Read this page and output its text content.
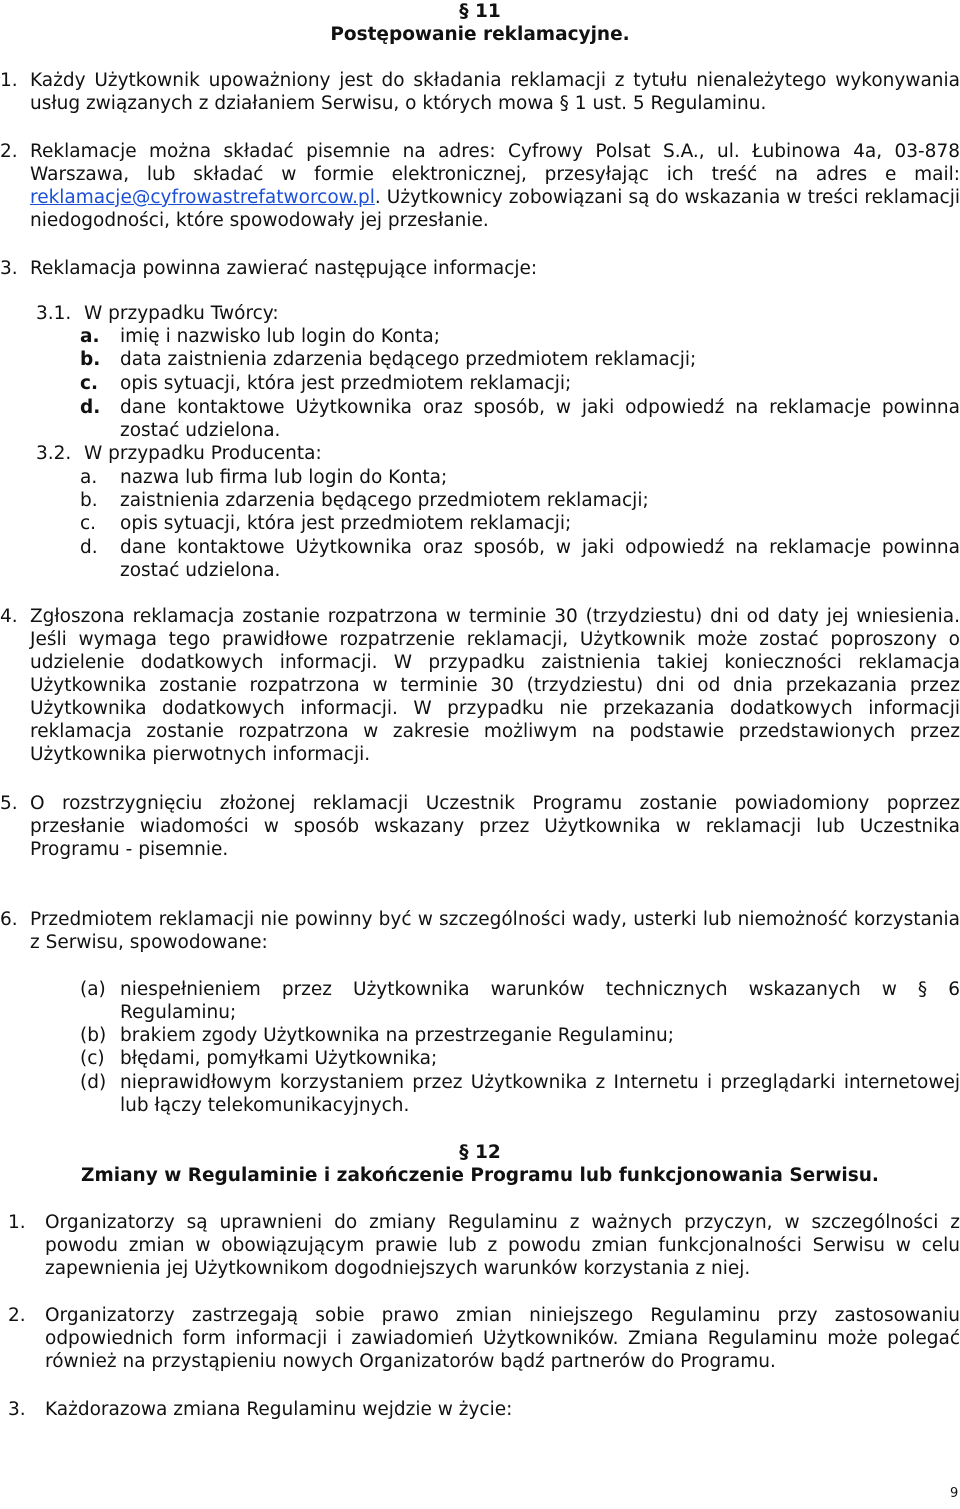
§ 11
Postępowanie reklamacyjne.
1. Każdy Użytkownik upoważniony jest do składania reklamacji z tytułu nienależytego wykonywania usług związanych z działaniem Serwisu, o których mowa § 1 ust. 5 Regulaminu.
2. Reklamacje można składać pisemnie na adres: Cyfrowy Polsat S.A., ul. Łubinowa 4a, 03-878 Warszawa, lub składać w formie elektronicznej, przesyłając ich treść na adres e mail: reklamacje@cyfrowastrefatworcow.pl. Użytkownicy zobowiązani są do wskazania w treści reklamacji niedogodności, które spowodowały jej przesłanie.
3. Reklamacja powinna zawierać następujące informacje:
3.1. W przypadku Twórcy:
a. imię i nazwisko lub login do Konta;
b. data zaistnienia zdarzenia będącego przedmiotem reklamacji;
c. opis sytuacji, która jest przedmiotem reklamacji;
d. dane kontaktowe Użytkownika oraz sposób, w jaki odpowiedź na reklamacje powinna zostać udzielona.
3.2. W przypadku Producenta:
a. nazwa lub firma lub login do Konta;
b. zaistnienia zdarzenia będącego przedmiotem reklamacji;
c. opis sytuacji, która jest przedmiotem reklamacji;
d. dane kontaktowe Użytkownika oraz sposób, w jaki odpowiedź na reklamacje powinna zostać udzielona.
4. Zgłoszona reklamacja zostanie rozpatrzona w terminie 30 (trzydziestu) dni od daty jej wniesienia. Jeśli wymaga tego prawidłowe rozpatrzenie reklamacji, Użytkownik może zostać poproszony o udzielenie dodatkowych informacji. W przypadku zaistnienia takiej konieczności reklamacja Użytkownika zostanie rozpatrzona w terminie 30 (trzydziestu) dni od dnia przekazania przez Użytkownika dodatkowych informacji. W przypadku nie przekazania dodatkowych informacji reklamacja zostanie rozpatrzona w zakresie możliwym na podstawie przedstawionych przez Użytkownika pierwotnych informacji.
5. O rozstrzygnięciu złożonej reklamacji Uczestnik Programu zostanie powiadomiony poprzez przesłanie wiadomości w sposób wskazany przez Użytkownika w reklamacji lub Uczestnika Programu - pisemnie.
6. Przedmiotem reklamacji nie powinny być w szczególności wady, usterki lub niemożność korzystania z Serwisu, spowodowane:
(a) niespełnieniem przez Użytkownika warunków technicznych wskazanych w § 6 Regulaminu;
(b) brakiem zgody Użytkownika na przestrzeganie Regulaminu;
(c) błędami, pomyłkami Użytkownika;
(d) nieprawidłowym korzystaniem przez Użytkownika z Internetu i przeglądarki internetowej lub łączy telekomunikacyjnych.
§ 12
Zmiany w Regulaminie i zakończenie Programu lub funkcjonowania Serwisu.
1. Organizatorzy są uprawnieni do zmiany Regulaminu z ważnych przyczyn, w szczególności z powodu zmian w obowiązującym prawie lub z powodu zmian funkcjonalności Serwisu w celu zapewnienia jej Użytkownikom dogodniejszych warunków korzystania z niej.
2. Organizatorzy zastrzegają sobie prawo zmian niniejszego Regulaminu przy zastosowaniu odpowiednich form informacji i zawiadomień Użytkowników. Zmiana Regulaminu może polegać również na przystąpieniu nowych Organizatorów bądź partnerów do Programu.
3. Każdorazowa zmiana Regulaminu wejdzie w życie:
9
